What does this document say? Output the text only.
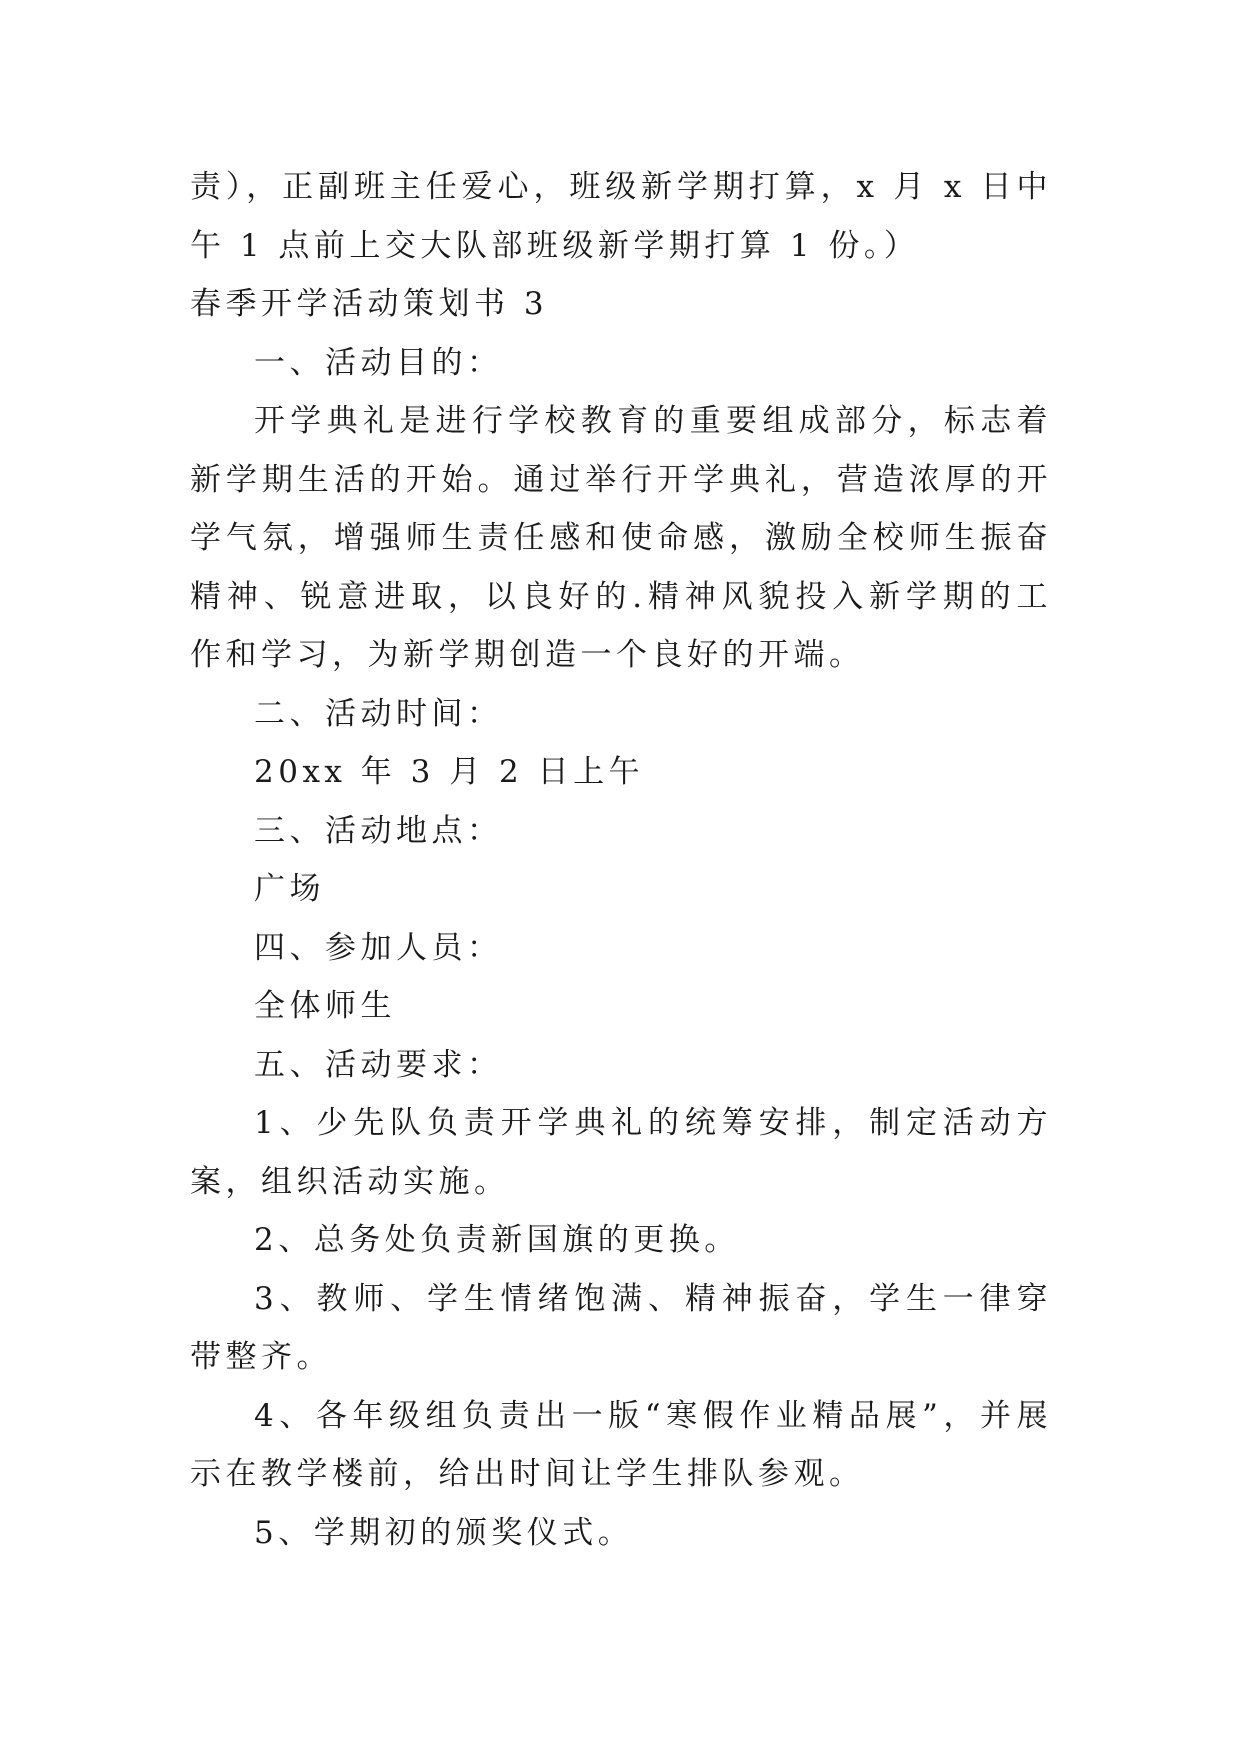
责），正副班主任爱心，班级新学期打算，x 月 x 日中午 1 点前上交大队部班级新学期打算 1 份。）

春季开学活动策划书 3

一、活动目的：

开学典礼是进行学校教育的重要组成部分，标志着新学期生活的开始。通过举行开学典礼，营造浓厚的开学气氛，增强师生责任感和使命感，激励全校师生振奋精神、锐意进取，以良好的.精神风貌投入新学期的工作和学习，为新学期创造一个良好的开端。

二、活动时间：

20xx 年 3 月 2 日上午

三、活动地点：

广场

四、参加人员：

全体师生

五、活动要求：

1、少先队负责开学典礼的统筹安排，制定活动方案，组织活动实施。

2、总务处负责新国旗的更换。

3、教师、学生情绪饱满、精神振奋，学生一律穿带整齐。

4、各年级组负责出一版“寒假作业精品展”，并展示在教学楼前，给出时间让学生排队参观。

5、学期初的颁奖仪式。
